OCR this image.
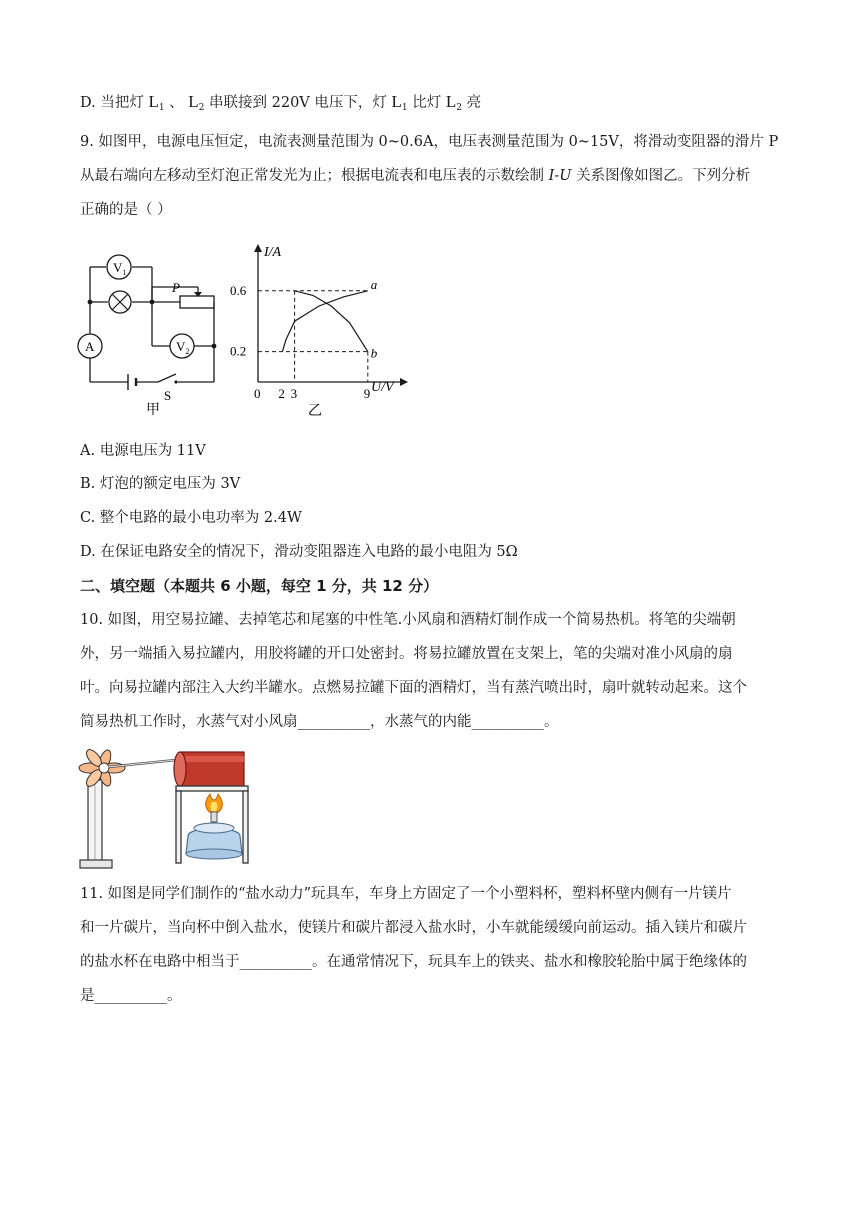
D. 当把灯 $L_1$ 、 $L_2$ 串联接到 220V 电压下，灯 $L_1$ 比灯 $L_2$ 亮
9. 如图甲，电源电压恒定，电流表测量范围为 0~0.6A，电压表测量范围为 0~15V，将滑动变阻器的滑片 P
从最右端向左移动至灯泡正常发光为止；根据电流表和电压表的示数绘制 I-U 关系图像如图乙。下列分析
正确的是（ ）
$V_1$
$V_2$
A
P
S
甲
I/A
U/V
0 2 3	9
0.2
0.6	a
b
乙
A. 电源电压为 11V
B. 灯泡的额定电压为 3V
C. 整个电路的最小电功率为 2.4W
D. 在保证电路安全的情况下，滑动变阻器连入电路的最小电阻为 5Ω
二、填空题（本题共 6 小题，每空 1 分，共 12 分）
10. 如图，用空易拉罐、去掉笔芯和尾塞的中性笔.小风扇和酒精灯制作成一个简易热机。将笔的尖端朝
外，另一端插入易拉罐内，用胶将罐的开口处密封。将易拉罐放置在支架上，笔的尖端对准小风扇的扇
叶。向易拉罐内部注入大约半罐水。点燃易拉罐下面的酒精灯，当有蒸汽喷出时，扇叶就转动起来。这个
简易热机工作时，水蒸气对小风扇__________，水蒸气的内能__________。
11. 如图是同学们制作的“盐水动力”玩具车，车身上方固定了一个小塑料杯，塑料杯壁内侧有一片镁片
和一片碳片，当向杯中倒入盐水，使镁片和碳片都浸入盐水时，小车就能缓缓向前运动。插入镁片和碳片
的盐水杯在电路中相当于__________。在通常情况下，玩具车上的铁夹、盐水和橡胶轮胎中属于绝缘体的
是__________。
